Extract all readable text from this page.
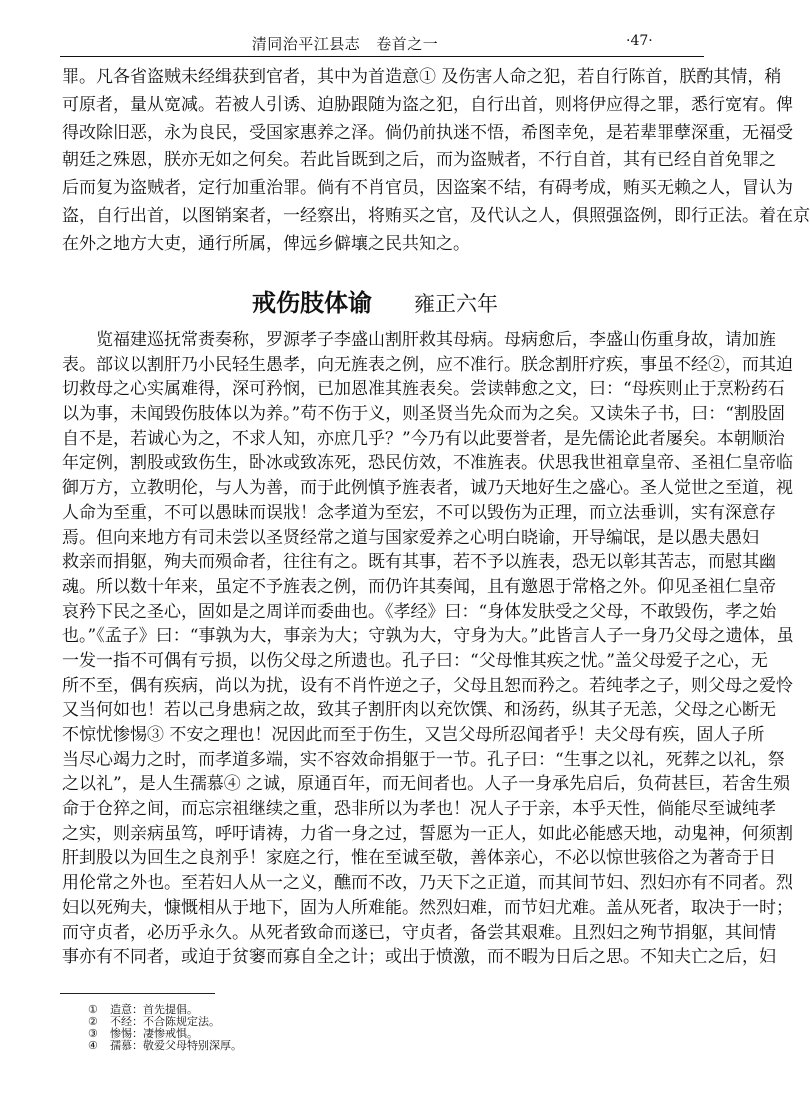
清同治平江县志 卷首之一	·47·
罪。凡各省盗贼未经缉获到官者，其中为首造意① 及伤害人命之犯，若自行陈首，朕酌其情，稍
可原者，量从宽减。若被人引诱、迫胁跟随为盗之犯，自行出首，则将伊应得之罪，悉行宽宥。俾
得改除旧恶，永为良民，受国家惠养之泽。倘仍前执迷不悟，希图幸免，是若辈罪孽深重，无福受
朝廷之殊恩，朕亦无如之何矣。若此旨既到之后，而为盗贼者，不行自首，其有已经自首免罪之
后而复为盗贼者，定行加重治罪。倘有不肖官员，因盗案不结，有碍考成，贿买无赖之人，冒认为
盗，自行出首，以图销案者，一经察出，将贿买之官，及代认之人，俱照强盗例，即行正法。着在京
在外之地方大吏，通行所属，俾远乡僻壤之民共知之。
戒伤肢体谕 雍正六年
览福建巡抚常赉奏称，罗源孝子李盛山割肝救其母病。母病愈后，李盛山伤重身故，请加旌
表。部议以割肝乃小民轻生愚孝，向无旌表之例，应不准行。朕念割肝疗疾，事虽不经②，而其迫
切救母之心实属难得，深可矜悯，已加恩准其旌表矣。尝读韩愈之文，曰：“母疾则止于烹粉药石
以为事，未闻毁伤肢体以为养。”苟不伤于义，则圣贤当先众而为之矣。又读朱子书，曰：“割股固
自不是，若诚心为之，不求人知，亦庶几乎？”今乃有以此要誉者，是先儒论此者屡矣。本朝顺治
年定例，割股或致伤生，卧冰或致冻死，恐民仿效，不准旌表。伏思我世祖章皇帝、圣祖仁皇帝临
御万方，立教明伦，与人为善，而于此例慎予旌表者，诚乃天地好生之盛心。圣人觉世之至道，视
人命为至重，不可以愚昧而误戕！念孝道为至宏，不可以毁伤为正理，而立法垂训，实有深意存
焉。但向来地方有司未尝以圣贤经常之道与国家爱养之心明白晓谕，开导编氓，是以愚夫愚妇
救亲而捐躯，殉夫而殒命者，往往有之。既有其事，若不予以旌表，恐无以彰其苦志，而慰其幽
魂。所以数十年来，虽定不予旌表之例，而仍许其奏闻，且有邀恩于常格之外。仰见圣祖仁皇帝
哀矜下民之圣心，固如是之周详而委曲也。《孝经》曰：“身体发肤受之父母，不敢毁伤，孝之始
也。”《孟子》曰：“事孰为大，事亲为大；守孰为大，守身为大。”此皆言人子一身乃父母之遗体，虽
一发一指不可偶有亏损，以伤父母之所遗也。孔子曰：“父母惟其疾之忧。”盖父母爱子之心，无
所不至，偶有疾病，尚以为扰，设有不肖忤逆之子，父母且恕而矜之。若纯孝之子，则父母之爱怜
又当何如也！若以己身患病之故，致其子割肝肉以充饮馔、和汤药，纵其子无恙，父母之心断无
不惊忧惨惕③ 不安之理也！况因此而至于伤生，又岂父母所忍闻者乎！夫父母有疾，固人子所
当尽心竭力之时，而孝道多端，实不容效命捐躯于一节。孔子曰：“生事之以礼，死葬之以礼，祭
之以礼”，是人生孺慕④ 之诚，原通百年，而无间者也。人子一身承先启后，负荷甚巨，若舍生殒
命于仓猝之间，而忘宗祖继续之重，恐非所以为孝也！况人子于亲，本乎天性，倘能尽至诚纯孝
之实，则亲病虽笃，呼吁请祷，力省一身之过，誓愿为一正人，如此必能感天地，动鬼神，何须割
肝刲股以为回生之良剂乎！家庭之行，惟在至诚至敬，善体亲心，不必以惊世骇俗之为著奇于日
用伦常之外也。至若妇人从一之义，醮而不改，乃天下之正道，而其间节妇、烈妇亦有不同者。烈
妇以死殉夫，慷慨相从于地下，固为人所难能。然烈妇难，而节妇尤难。盖从死者，取决于一时；
而守贞者，必历乎永久。从死者致命而遂已，守贞者，备尝其艰难。且烈妇之殉节捐躯，其间情
事亦有不同者，或迫于贫窭而寡自全之计；或出于愤激，而不暇为日后之思。不知夫亡之后，妇
① 造意：首先提倡。
② 不经：不合陈规定法。
③ 惨惕：凄惨戒惧。
④ 孺慕：敬爱父母特别深厚。
